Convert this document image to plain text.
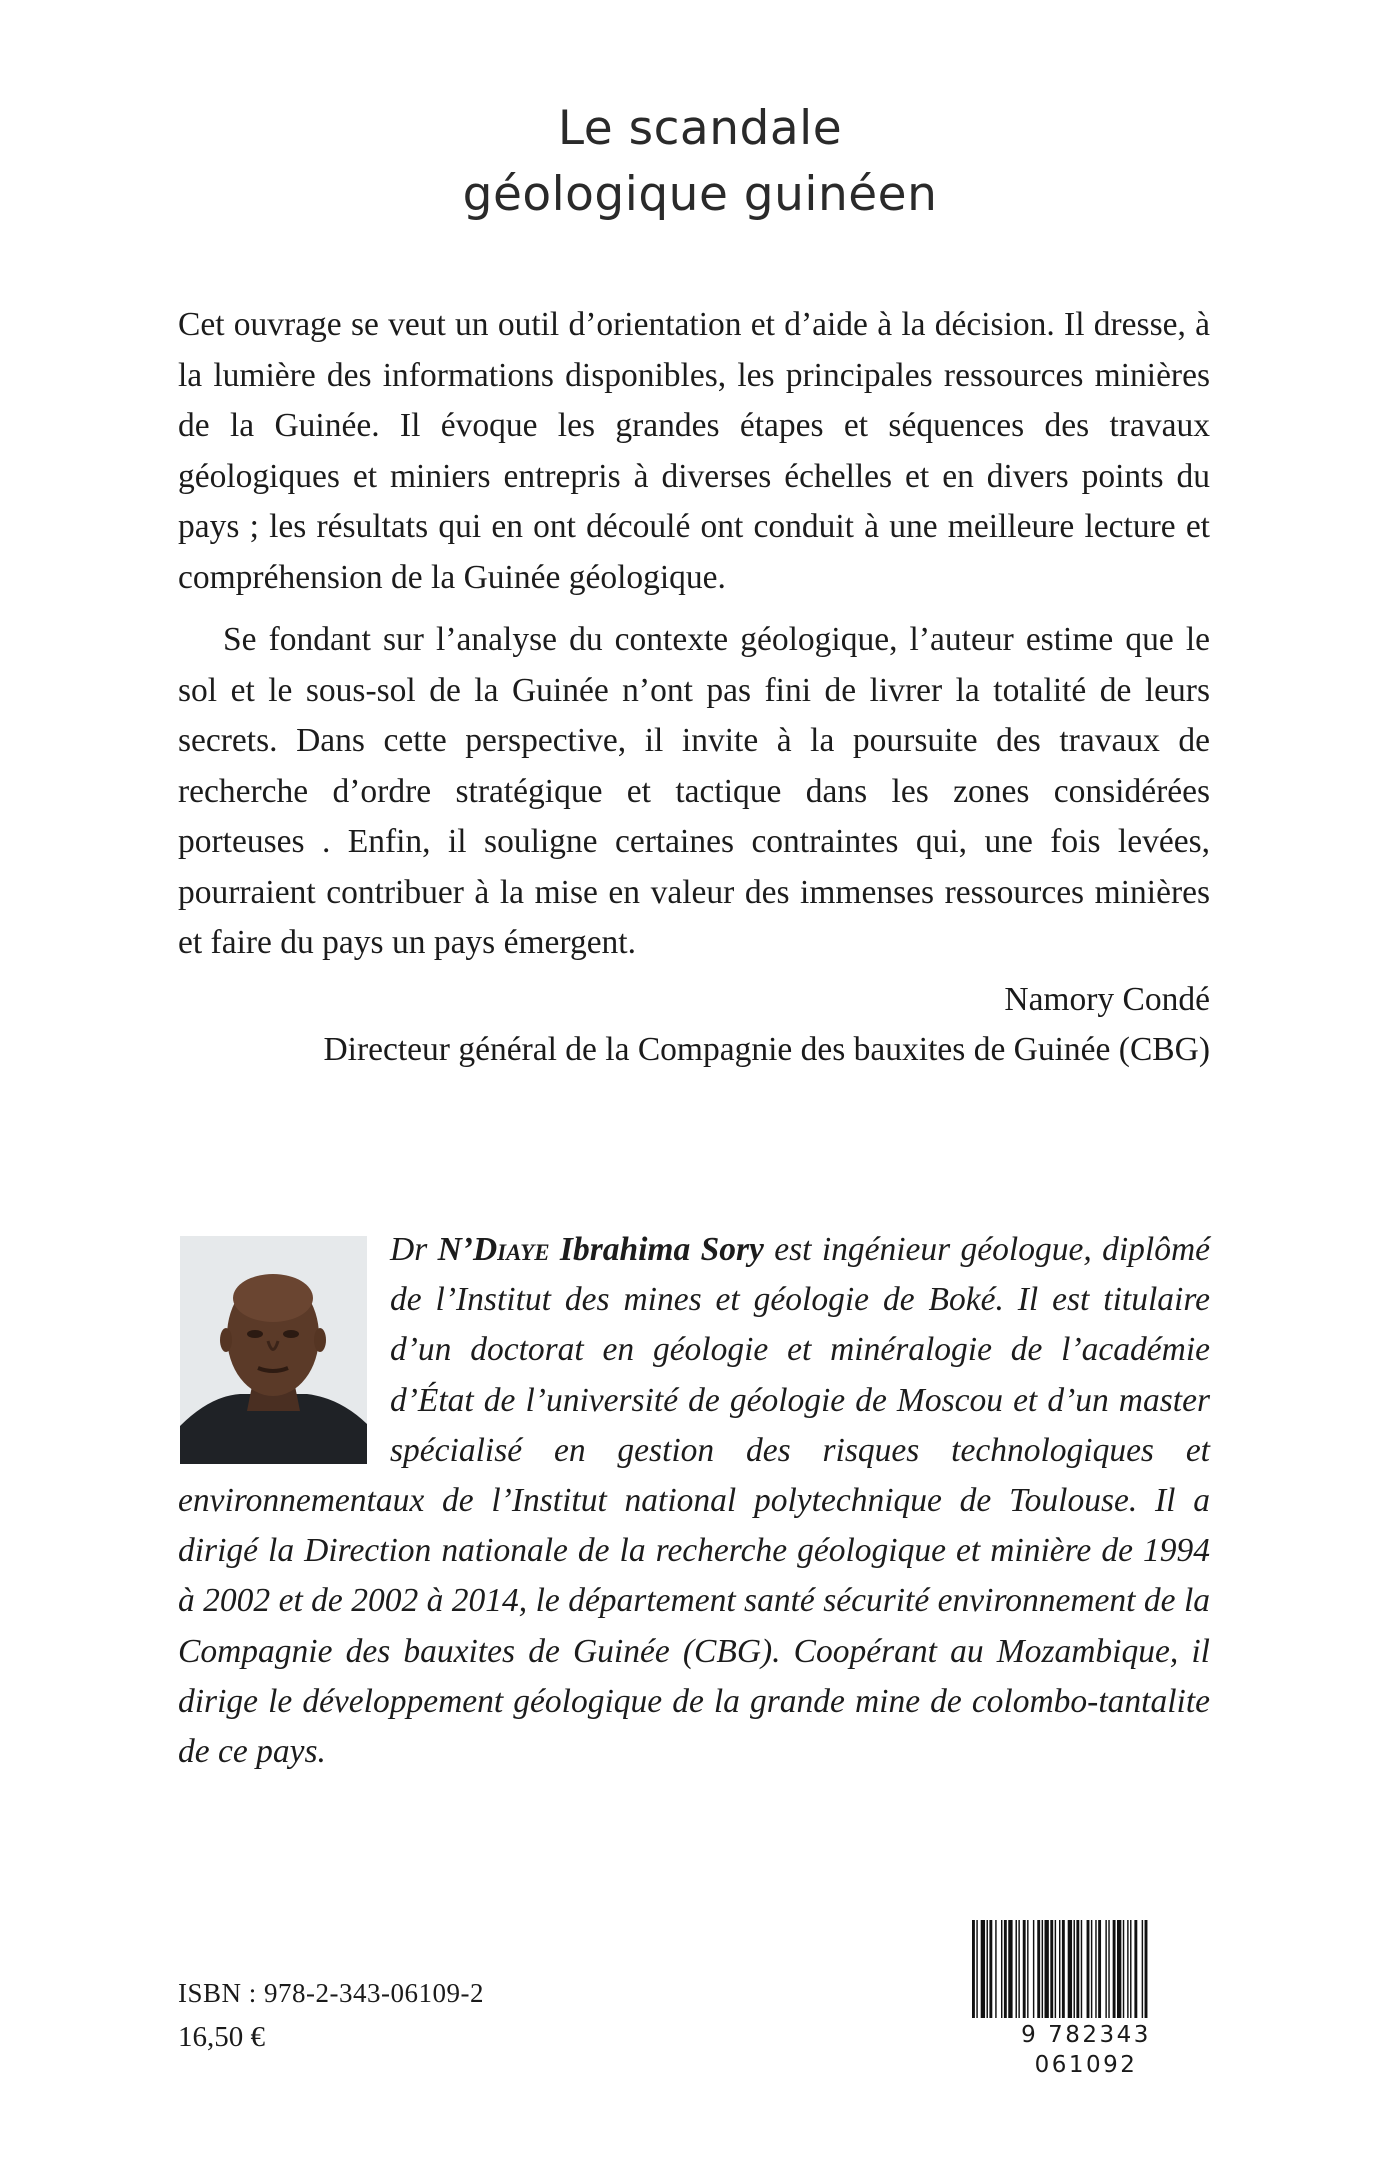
Le scandale
géologique guinéen

Cet ouvrage se veut un outil d’orientation et d’aide à la décision. Il dresse, à la lumière des informations disponibles, les principales ressources minières de la Guinée. Il évoque les grandes étapes et séquences des travaux géologiques et miniers entrepris à diverses échelles et en divers points du pays ; les résultats qui en ont découlé ont conduit à une meilleure lecture et compréhension de la Guinée géologique.

Se fondant sur l’analyse du contexte géologique, l’auteur estime que le sol et le sous-sol de la Guinée n’ont pas fini de livrer la totalité de leurs secrets. Dans cette perspective, il invite à la poursuite des travaux de recherche d’ordre stratégique et tactique dans les zones considérées porteuses . Enfin, il souligne certaines contraintes qui, une fois levées, pourraient contribuer à la mise en valeur des immenses ressources minières et faire du pays un pays émergent.

Namory Condé
Directeur général de la Compagnie des bauxites de Guinée (CBG)
Dr N’Diaye Ibrahima Sory est ingénieur géologue, diplômé de l’Institut des mines et géologie de Boké. Il est titulaire d’un doctorat en géologie et minéralogie de l’académie d’État de l’université de géologie de Moscou et d’un master spécialisé en gestion des risques technologiques et environnementaux de l’Institut national polytechnique de Toulouse. Il a dirigé la Direction nationale de la recherche géologique et minière de 1994 à 2002 et de 2002 à 2014, le département santé sécurité environnement de la Compagnie des bauxites de Guinée (CBG). Coopérant au Mozambique, il dirige le développement géologique de la grande mine de colombo-tantalite de ce pays.
ISBN : 978-2-343-06109-2
16,50 €	9 782343 061092
